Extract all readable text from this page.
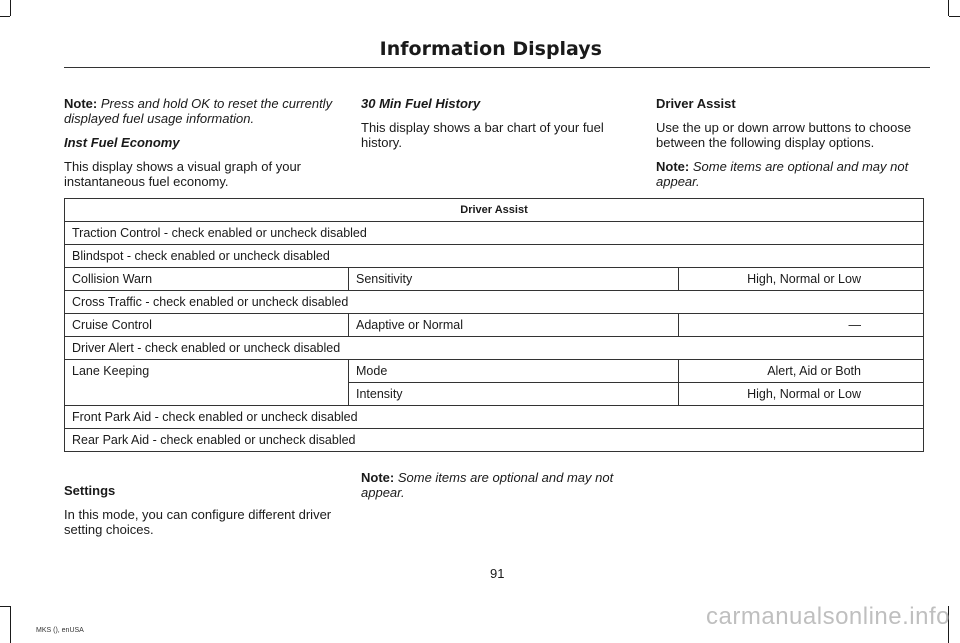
Information Displays

Note: Press and hold OK to reset the currently displayed fuel usage information.

Inst Fuel Economy

This display shows a visual graph of your instantaneous fuel economy.

30 Min Fuel History

This display shows a bar chart of your fuel history.

Driver Assist

Use the up or down arrow buttons to choose between the following display options.

Note: Some items are optional and may not appear.

Driver Assist		
Traction Control - check enabled or uncheck disabled		
Blindspot - check enabled or uncheck disabled		
Collision Warn	Sensitivity	High, Normal or Low
Cross Traffic - check enabled or uncheck disabled		
Cruise Control	Adaptive or Normal	—
Driver Alert - check enabled or uncheck disabled		
Lane Keeping	Mode	Alert, Aid or Both
	Intensity	High, Normal or Low
Front Park Aid - check enabled or uncheck disabled		
Rear Park Aid - check enabled or uncheck disabled		

Settings

In this mode, you can configure different driver setting choices.

Note: Some items are optional and may not appear.

91
MKS (), enUSA
carmanualsonline.info
